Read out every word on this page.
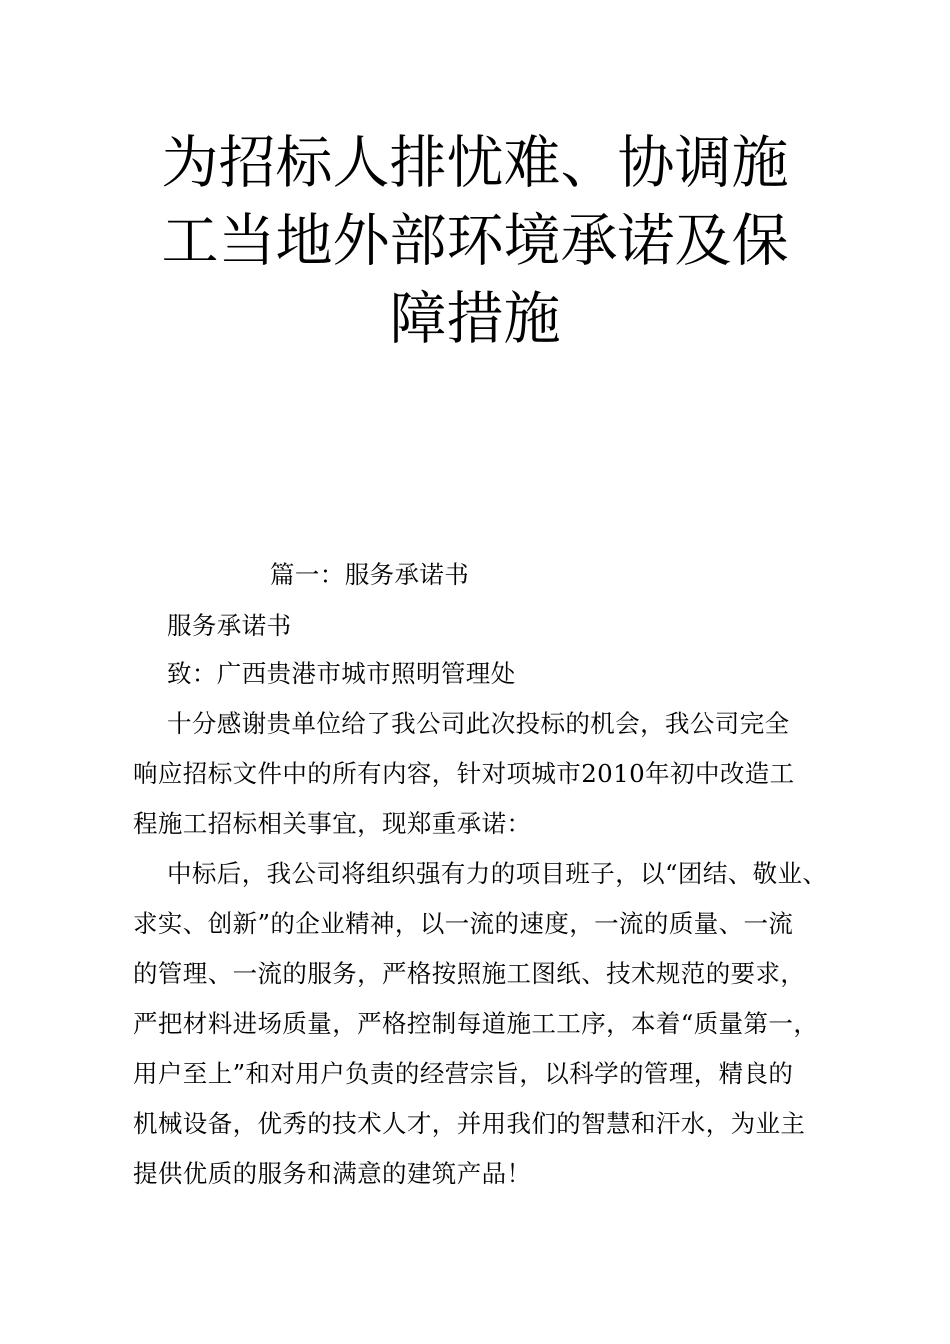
为招标人排忧难、协调施
工当地外部环境承诺及保
障措施
篇一：服务承诺书
服务承诺书
致：广西贵港市城市照明管理处
十分感谢贵单位给了我公司此次投标的机会，我公司完全
响应招标文件中的所有内容，针对项城市2010年初中改造工
程施工招标相关事宜，现郑重承诺：
中标后，我公司将组织强有力的项目班子，以“团结、敬业、
求实、创新”的企业精神，以一流的速度，一流的质量、一流
的管理、一流的服务，严格按照施工图纸、技术规范的要求，
严把材料进场质量，严格控制每道施工工序，本着“质量第一，
用户至上”和对用户负责的经营宗旨，以科学的管理，精良的
机械设备，优秀的技术人才，并用我们的智慧和汗水，为业主
提供优质的服务和满意的建筑产品！
